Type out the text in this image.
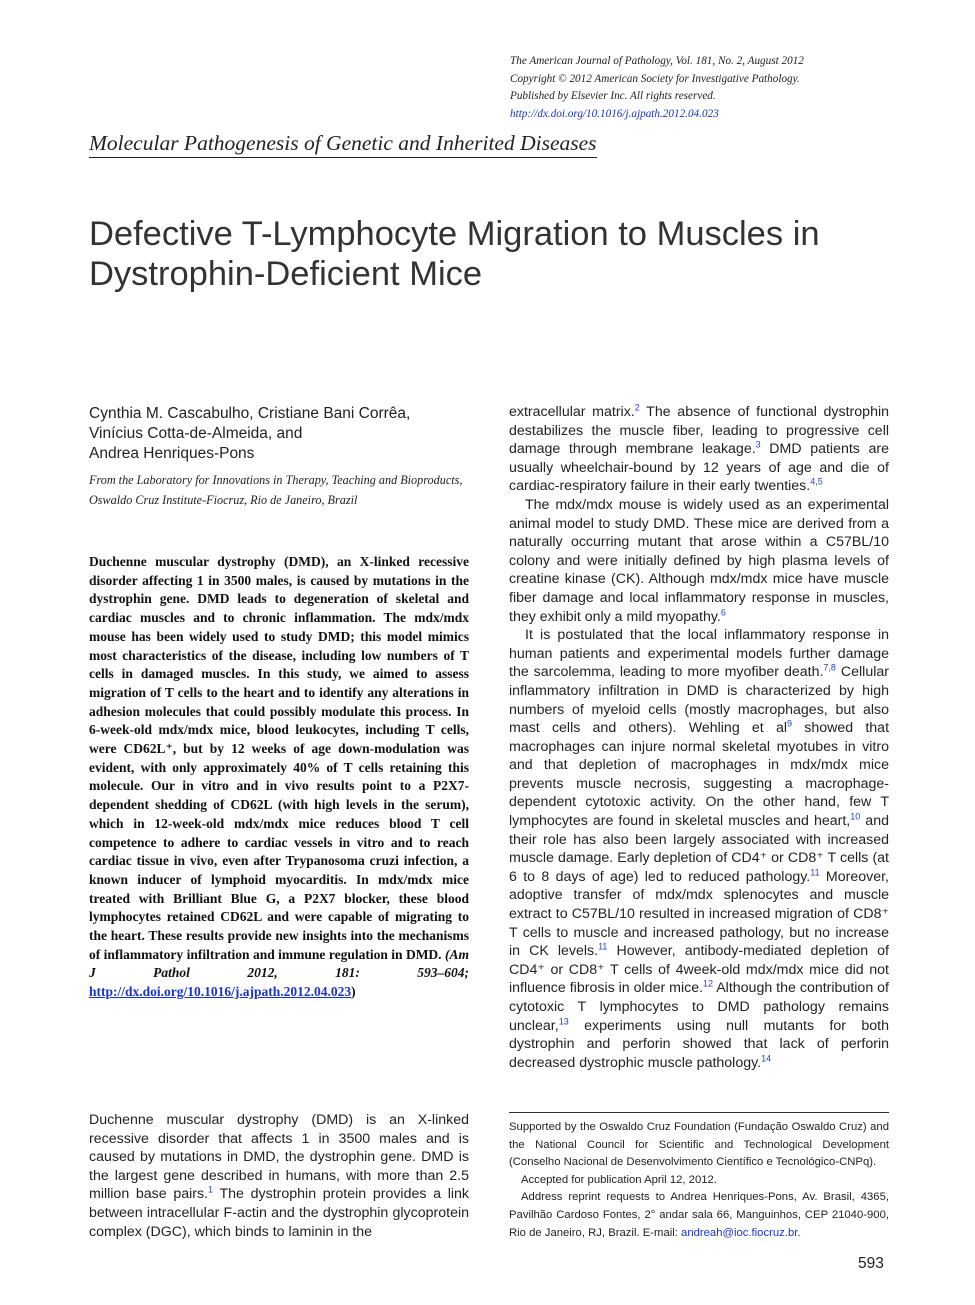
The American Journal of Pathology, Vol. 181, No. 2, August 2012
Copyright © 2012 American Society for Investigative Pathology.
Published by Elsevier Inc. All rights reserved.
http://dx.doi.org/10.1016/j.ajpath.2012.04.023
Molecular Pathogenesis of Genetic and Inherited Diseases
Defective T-Lymphocyte Migration to Muscles in Dystrophin-Deficient Mice
Cynthia M. Cascabulho, Cristiane Bani Corrêa,
Vinícius Cotta-de-Almeida, and
Andrea Henriques-Pons
From the Laboratory for Innovations in Therapy, Teaching and Bioproducts, Oswaldo Cruz Institute-Fiocruz, Rio de Janeiro, Brazil
Duchenne muscular dystrophy (DMD), an X-linked recessive disorder affecting 1 in 3500 males, is caused by mutations in the dystrophin gene. DMD leads to degeneration of skeletal and cardiac muscles and to chronic inflammation. The mdx/mdx mouse has been widely used to study DMD; this model mimics most characteristics of the disease, including low numbers of T cells in damaged muscles. In this study, we aimed to assess migration of T cells to the heart and to identify any alterations in adhesion molecules that could possibly modulate this process. In 6-week-old mdx/mdx mice, blood leukocytes, including T cells, were CD62L⁺, but by 12 weeks of age down-modulation was evident, with only approximately 40% of T cells retaining this molecule. Our in vitro and in vivo results point to a P2X7-dependent shedding of CD62L (with high levels in the serum), which in 12-week-old mdx/mdx mice reduces blood T cell competence to adhere to cardiac vessels in vitro and to reach cardiac tissue in vivo, even after Trypanosoma cruzi infection, a known inducer of lymphoid myocarditis. In mdx/mdx mice treated with Brilliant Blue G, a P2X7 blocker, these blood lymphocytes retained CD62L and were capable of migrating to the heart. These results provide new insights into the mechanisms of inflammatory infiltration and immune regulation in DMD. (Am J Pathol 2012, 181: 593–604; http://dx.doi.org/10.1016/j.ajpath.2012.04.023)

Duchenne muscular dystrophy (DMD) is an X-linked recessive disorder that affects 1 in 3500 males and is caused by mutations in DMD, the dystrophin gene. DMD is the largest gene described in humans, with more than 2.5 million base pairs.$^1$ The dystrophin protein provides a link between intracellular F-actin and the dystrophin glycoprotein complex (DGC), which binds to laminin in the

extracellular matrix.$^2$ The absence of functional dystrophin destabilizes the muscle fiber, leading to progressive cell damage through membrane leakage.$^3$ DMD patients are usually wheelchair-bound by 12 years of age and die of cardiac-respiratory failure in their early twenties.$^{4,5}$

The mdx/mdx mouse is widely used as an experimental animal model to study DMD. These mice are derived from a naturally occurring mutant that arose within a C57BL/10 colony and were initially defined by high plasma levels of creatine kinase (CK). Although mdx/mdx mice have muscle fiber damage and local inflammatory response in muscles, they exhibit only a mild myopathy.$^6$

It is postulated that the local inflammatory response in human patients and experimental models further damage the sarcolemma, leading to more myofiber death.$^{7,8}$ Cellular inflammatory infiltration in DMD is characterized by high numbers of myeloid cells (mostly macrophages, but also mast cells and others). Wehling et $al^9$ showed that macrophages can injure normal skeletal myotubes in vitro and that depletion of macrophages in mdx/mdx mice prevents muscle necrosis, suggesting a macrophage-dependent cytotoxic activity. On the other hand, few T lymphocytes are found in skeletal muscles and heart,$^{10}$ and their role has also been largely associated with increased muscle damage. Early depletion of CD4⁺ or CD8⁺ T cells (at 6 to 8 days of age) led to reduced pathology.$^{11}$ Moreover, adoptive transfer of mdx/mdx splenocytes and muscle extract to C57BL/10 resulted in increased migration of CD8⁺ T cells to muscle and increased pathology, but no increase in CK levels.$^{11}$ However, antibody-mediated depletion of CD4⁺ or CD8⁺ T cells of 4week-old mdx/mdx mice did not influence fibrosis in older mice.$^{12}$ Although the contribution of cytotoxic T lymphocytes to DMD pathology remains unclear,$^{13}$ experiments using null mutants for both dystrophin and perforin showed that lack of perforin decreased dystrophic muscle pathology.$^{14}$

Supported by the Oswaldo Cruz Foundation (Fundação Oswaldo Cruz) and the National Council for Scientific and Technological Development (Conselho Nacional de Desenvolvimento Científico e Tecnológico-CNPq).

Accepted for publication April 12, 2012.

Address reprint requests to Andrea Henriques-Pons, Av. Brasil, 4365, Pavilhão Cardoso Fontes, 2° andar sala 66, Manguinhos, CEP 21040-900, Rio de Janeiro, RJ, Brazil. E-mail: andreah@ioc.fiocruz.br.

593
